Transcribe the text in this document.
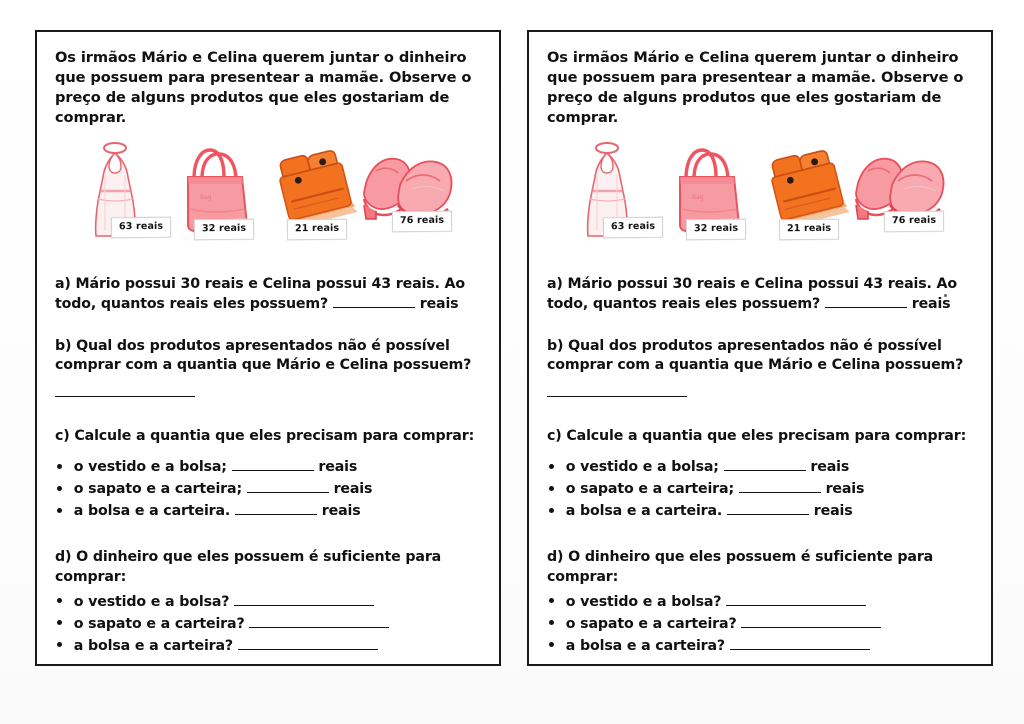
Os irmãos Mário e Celina querem juntar o dinheiro que possuem para presentear a mamãe. Observe o preço de alguns produtos que eles gostariam de comprar.

63 reais
Bag
32 reais	21 reais
76 reais

a) Mário possui 30 reais e Celina possui 43 reais. Ao todo, quantos reais eles possuem?	reais

b) Qual dos produtos apresentados não é possível comprar com a quantia que Mário e Celina possuem?

c) Calcule a quantia que eles precisam para comprar:

o vestido e a bolsa;	reais
o sapato e a carteira;	reais
a bolsa e a carteira.	reais

d) O dinheiro que eles possuem é suficiente para comprar:

o vestido e a bolsa?
o sapato e a carteira?
a bolsa e a carteira?

Os irmãos Mário e Celina querem juntar o dinheiro que possuem para presentear a mamãe. Observe o preço de alguns produtos que eles gostariam de comprar.

63 reais
Bag
32 reais	21 reais
76 reais

a) Mário possui 30 reais e Celina possui 43 reais. Ao todo, quantos reais eles possuem?	reais

b) Qual dos produtos apresentados não é possível comprar com a quantia que Mário e Celina possuem?

c) Calcule a quantia que eles precisam para comprar:

o vestido e a bolsa;	reais
o sapato e a carteira;	reais
a bolsa e a carteira.	reais

d) O dinheiro que eles possuem é suficiente para comprar:

o vestido e a bolsa?
o sapato e a carteira?
a bolsa e a carteira?
